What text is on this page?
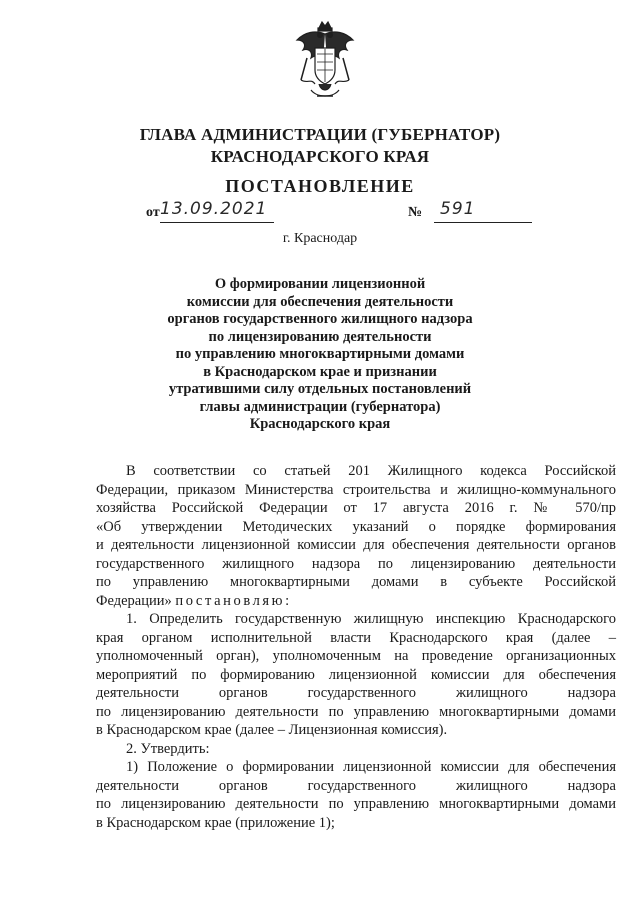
ГЛАВА АДМИНИСТРАЦИИ (ГУБЕРНАТОР)
КРАСНОДАРСКОГО КРАЯ
ПОСТАНОВЛЕНИЕ
от 13.09.2021	№ 591
г. Краснодар
О формировании лицензионной
комиссии для обеспечения деятельности
органов государственного жилищного надзора
по лицензированию деятельности
по управлению многоквартирными домами
в Краснодарском крае и признании
утратившими силу отдельных постановлений
главы администрации (губернатора)
Краснодарского края
В соответствии со статьей 201 Жилищного кодекса Российской
Федерации, приказом Министерства строительства и жилищно-коммунального
хозяйства Российской Федерации от 17 августа 2016 г. № 570/пр
«Об утверждении Методических указаний о порядке формирования
и деятельности лицензионной комиссии для обеспечения деятельности органов
государственного жилищного надзора по лицензированию деятельности
по управлению многоквартирными домами в субъекте Российской
Федерации» постановляю:
1. Определить государственную жилищную инспекцию Краснодарского
края органом исполнительной власти Краснодарского края (далее –
уполномоченный орган), уполномоченным на проведение организационных
мероприятий по формированию лицензионной комиссии для обеспечения
деятельности органов государственного жилищного надзора
по лицензированию деятельности по управлению многоквартирными домами
в Краснодарском крае (далее – Лицензионная комиссия).
2. Утвердить:
1) Положение о формировании лицензионной комиссии для обеспечения
деятельности органов государственного жилищного надзора
по лицензированию деятельности по управлению многоквартирными домами
в Краснодарском крае (приложение 1);
